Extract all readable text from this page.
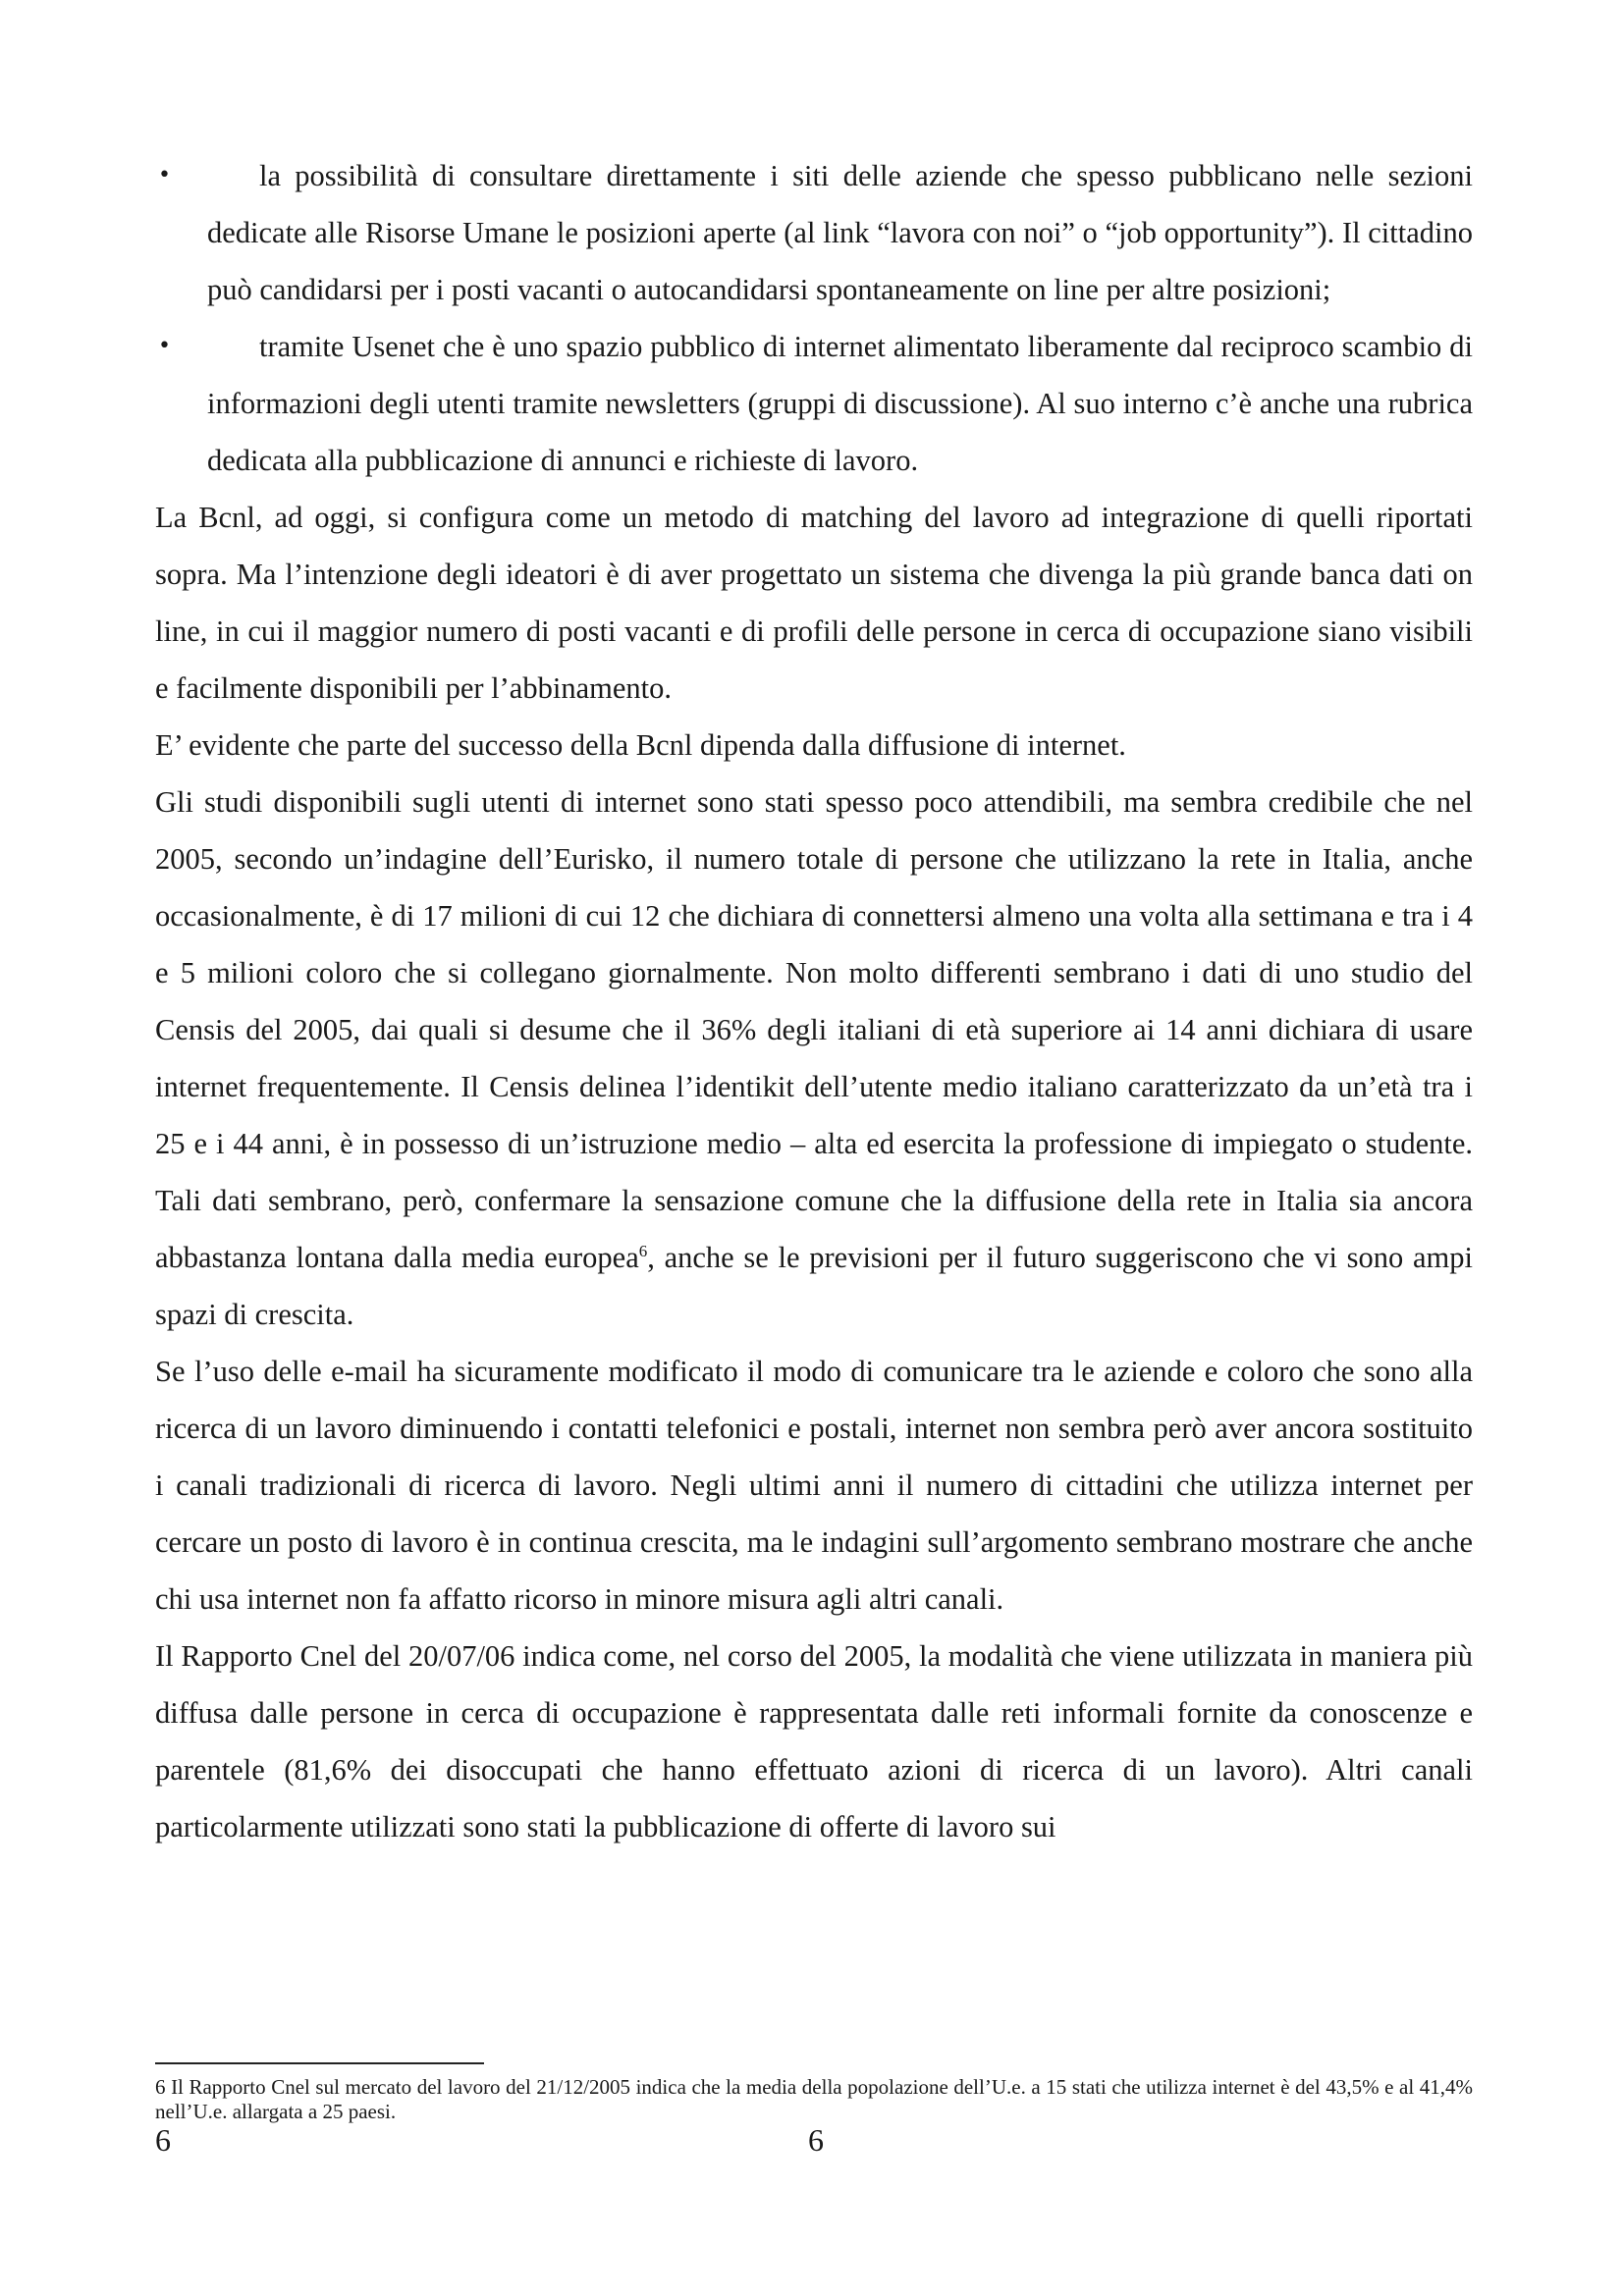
•	la possibilità di consultare direttamente i siti delle aziende che spesso pubblicano nelle sezioni dedicate alle Risorse Umane le posizioni aperte (al link “lavora con noi” o “job opportunity”). Il cittadino può candidarsi per i posti vacanti o autocandidarsi spontaneamente on line per altre posizioni;
•	tramite Usenet che è uno spazio pubblico di internet alimentato liberamente dal reciproco scambio di informazioni degli utenti tramite newsletters (gruppi di discussione). Al suo interno c’è anche una rubrica dedicata alla pubblicazione di annunci e richieste di lavoro.

La Bcnl, ad oggi, si configura come un metodo di matching del lavoro ad integrazione di quelli riportati sopra. Ma l’intenzione degli ideatori è di aver progettato un sistema che divenga la più grande banca dati on line, in cui il maggior numero di posti vacanti e di profili delle persone in cerca di occupazione siano visibili e facilmente disponibili per l’abbinamento.

E’ evidente che parte del successo della Bcnl dipenda dalla diffusione di internet.

Gli studi disponibili sugli utenti di internet sono stati spesso poco attendibili, ma sembra credibile che nel 2005, secondo un’indagine dell’Eurisko, il numero totale di persone che utilizzano la rete in Italia, anche occasionalmente, è di 17 milioni di cui 12 che dichiara di connettersi almeno una volta alla settimana e tra i 4 e 5 milioni coloro che si collegano giornalmente. Non molto differenti sembrano i dati di uno studio del Censis del 2005, dai quali si desume che il 36% degli italiani di età superiore ai 14 anni dichiara di usare internet frequentemente. Il Censis delinea l’identikit dell’utente medio italiano caratterizzato da un’età tra i 25 e i 44 anni, è in possesso di un’istruzione medio – alta ed esercita la professione di impiegato o studente. Tali dati sembrano, però, confermare la sensazione comune che la diffusione della rete in Italia sia ancora abbastanza lontana dalla media europea$^6$, anche se le previsioni per il futuro suggeriscono che vi sono ampi spazi di crescita.

Se l’uso delle e-mail ha sicuramente modificato il modo di comunicare tra le aziende e coloro che sono alla ricerca di un lavoro diminuendo i contatti telefonici e postali, internet non sembra però aver ancora sostituito i canali tradizionali di ricerca di lavoro. Negli ultimi anni il numero di cittadini che utilizza internet per cercare un posto di lavoro è in continua crescita, ma le indagini sull’argomento sembrano mostrare che anche chi usa internet non fa affatto ricorso in minore misura agli altri canali.

Il Rapporto Cnel del 20/07/06 indica come, nel corso del 2005, la modalità che viene utilizzata in maniera più diffusa dalle persone in cerca di occupazione è rappresentata dalle reti informali fornite da conoscenze e parentele (81,6% dei disoccupati che hanno effettuato azioni di ricerca di un lavoro). Altri canali particolarmente utilizzati sono stati la pubblicazione di offerte di lavoro sui

6 Il Rapporto Cnel sul mercato del lavoro del 21/12/2005 indica che la media della popolazione dell’U.e. a 15 stati che utilizza internet è del 43,5% e al 41,4% nell’U.e. allargata a 25 paesi.
6	6
